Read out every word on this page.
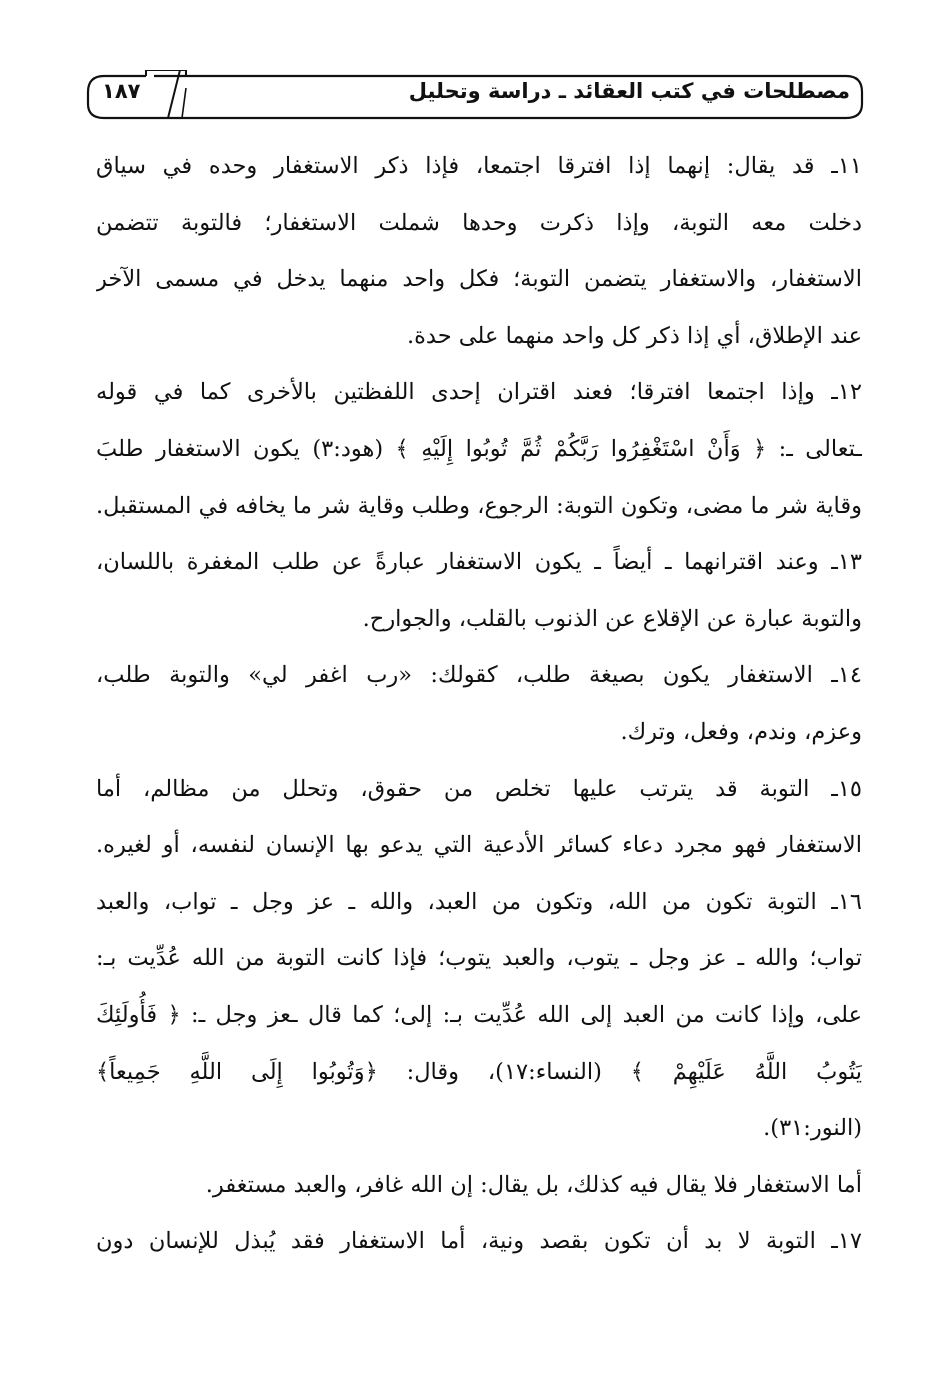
١٨٧	مصطلحات في كتب العقائد ـ دراسة وتحليل
١١ـ قد يقال: إنهما إذا افترقا اجتمعا، فإذا ذكر الاستغفار وحده في سياق
دخلت معه التوبة، وإذا ذكرت وحدها شملت الاستغفار؛ فالتوبة تتضمن
الاستغفار، والاستغفار يتضمن التوبة؛ فكل واحد منهما يدخل في مسمى الآخر
عند الإطلاق، أي إذا ذكر كل واحد منهما على حدة.
١٢ـ وإذا اجتمعا افترقا؛ فعند اقتران إحدى اللفظتين بالأخرى كما في قوله
ـتعالى ـ: ﴿ وَأَنْ اسْتَغْفِرُوا رَبَّكُمْ ثُمَّ تُوبُوا إِلَيْهِ ﴾ (هود:٣) يكون الاستغفار طلبَ
وقاية شر ما مضى، وتكون التوبة: الرجوع، وطلب وقاية شر ما يخافه في المستقبل.
١٣ـ وعند اقترانهما ـ أيضاً ـ يكون الاستغفار عبارةً عن طلب المغفرة باللسان،
والتوبة عبارة عن الإقلاع عن الذنوب بالقلب، والجوارح.
١٤ـ الاستغفار يكون بصيغة طلب، كقولك: «رب اغفر لي» والتوبة طلب،
وعزم، وندم، وفعل، وترك.
١٥ـ التوبة قد يترتب عليها تخلص من حقوق، وتحلل من مظالم، أما
الاستغفار فهو مجرد دعاء كسائر الأدعية التي يدعو بها الإنسان لنفسه، أو لغيره.
١٦ـ التوبة تكون من الله، وتكون من العبد، والله ـ عز وجل ـ تواب، والعبد
تواب؛ والله ـ عز وجل ـ يتوب، والعبد يتوب؛ فإذا كانت التوبة من الله عُدِّيت بـ:
على، وإذا كانت من العبد إلى الله عُدِّيت بـ: إلى؛ كما قال ـعز وجل ـ: ﴿ فَأُولَئِكَ
يَتُوبُ اللَّهُ عَلَيْهِمْ ﴾ (النساء:١٧)، وقال: ﴿وَتُوبُوا إِلَى اللَّهِ جَمِيعاً﴾
(النور:٣١).
أما الاستغفار فلا يقال فيه كذلك، بل يقال: إن الله غافر، والعبد مستغفر.
١٧ـ التوبة لا بد أن تكون بقصد ونية، أما الاستغفار فقد يُبذل للإنسان دون
